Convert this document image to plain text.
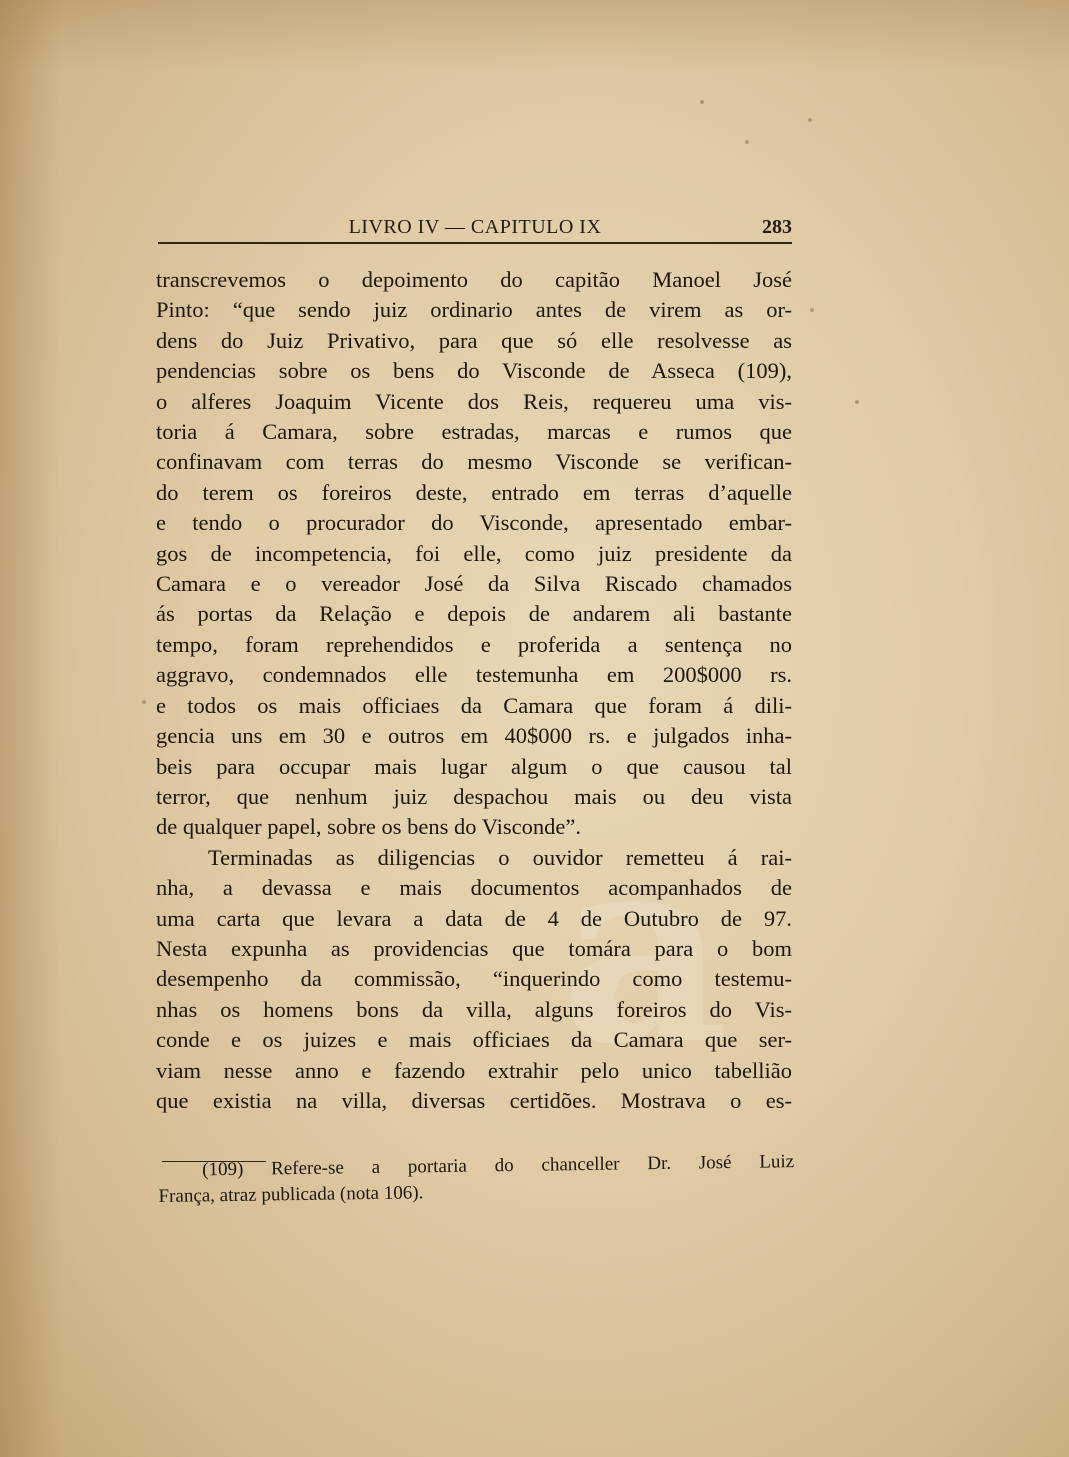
a
LIVRO IV — CAPITULO IX	283
transcrevemos o depoimento do capitão Manoel José
Pinto: “que sendo juiz ordinario antes de virem as or-
dens do Juiz Privativo, para que só elle resolvesse as
pendencias sobre os bens do Visconde de Asseca (109),
o alferes Joaquim Vicente dos Reis, requereu uma vis-
toria á Camara, sobre estradas, marcas e rumos que
confinavam com terras do mesmo Visconde se verifican-
do terem os foreiros deste, entrado em terras d’aquelle
e tendo o procurador do Visconde, apresentado embar-
gos de incompetencia, foi elle, como juiz presidente da
Camara e o vereador José da Silva Riscado chamados
ás portas da Relação e depois de andarem ali bastante
tempo, foram reprehendidos e proferida a sentença no
aggravo, condemnados elle testemunha em 200$000 rs.
e todos os mais officiaes da Camara que foram á dili-
gencia uns em 30 e outros em 40$000 rs. e julgados inha-
beis para occupar mais lugar algum o que causou tal
terror, que nenhum juiz despachou mais ou deu vista
de qualquer papel, sobre os bens do Visconde”.
Terminadas as diligencias o ouvidor remetteu á rai-
nha, a devassa e mais documentos acompanhados de
uma carta que levara a data de 4 de Outubro de 97.
Nesta expunha as providencias que tomára para o bom
desempenho da commissão, “inquerindo como testemu-
nhas os homens bons da villa, alguns foreiros do Vis-
conde e os juizes e mais officiaes da Camara que ser-
viam nesse anno e fazendo extrahir pelo unico tabellião
que existia na villa, diversas certidões. Mostrava o es-
(109) Refere-se a portaria do chanceller Dr. José Luiz
França, atraz publicada (nota 106).
